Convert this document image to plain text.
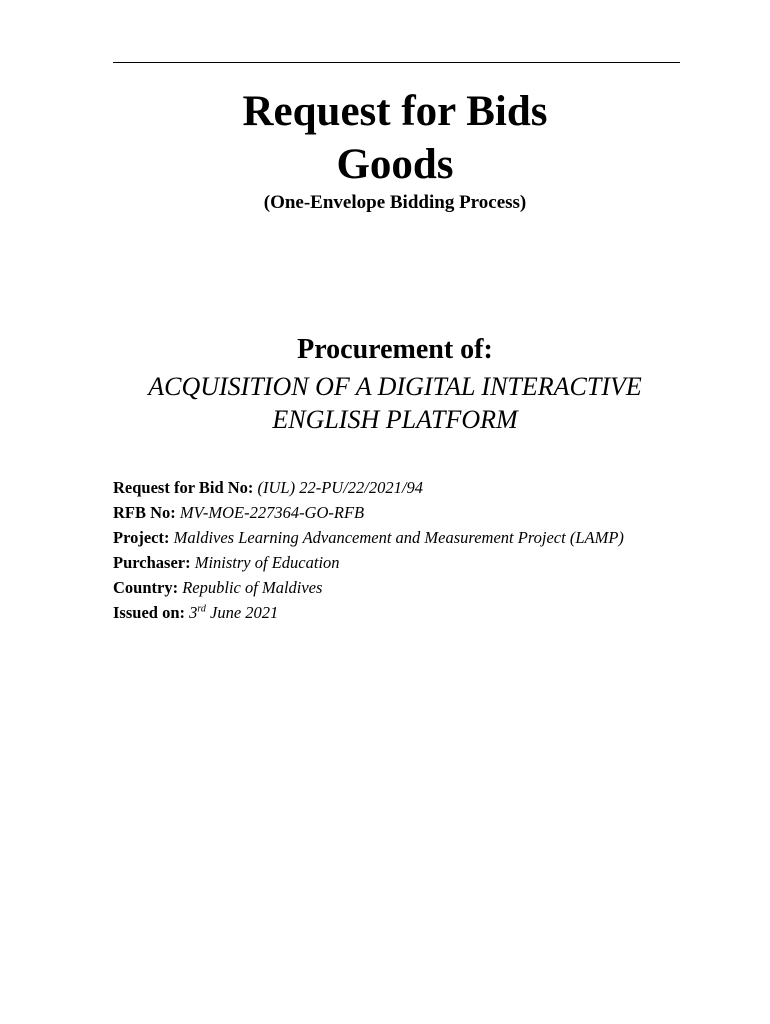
Request for Bids
Goods
(One-Envelope Bidding Process)
Procurement of:
ACQUISITION OF A DIGITAL INTERACTIVE
ENGLISH PLATFORM
Request for Bid No: (IUL) 22-PU/22/2021/94
RFB No: MV-MOE-227364-GO-RFB
Project: Maldives Learning Advancement and Measurement Project (LAMP)
Purchaser: Ministry of Education
Country: Republic of Maldives
Issued on: 3rd June 2021
